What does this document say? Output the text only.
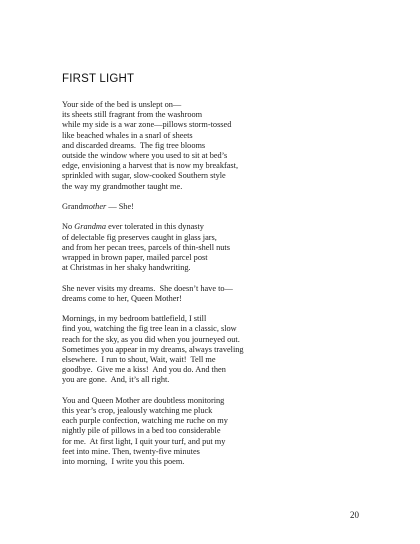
FIRST LIGHT
Your side of the bed is unslept on—
its sheets still fragrant from the washroom
while my side is a war zone—pillows storm-tossed
like beached whales in a snarl of sheets
and discarded dreams.  The fig tree blooms
outside the window where you used to sit at bed’s
edge, envisioning a harvest that is now my breakfast,
sprinkled with sugar, slow-cooked Southern style
the way my grandmother taught me.
Grandmother — She!
No Grandma ever tolerated in this dynasty
of delectable fig preserves caught in glass jars,
and from her pecan trees, parcels of thin-shell nuts
wrapped in brown paper, mailed parcel post
at Christmas in her shaky handwriting.
She never visits my dreams.  She doesn’t have to—
dreams come to her, Queen Mother!
Mornings, in my bedroom battlefield, I still
find you, watching the fig tree lean in a classic, slow
reach for the sky, as you did when you journeyed out.
Sometimes you appear in my dreams, always traveling
elsewhere.  I run to shout, Wait, wait!  Tell me
goodbye.  Give me a kiss!  And you do. And then
you are gone.  And, it’s all right.
You and Queen Mother are doubtless monitoring
this year’s crop, jealously watching me pluck
each purple confection, watching me ruche on my
nightly pile of pillows in a bed too considerable
for me.  At first light, I quit your turf, and put my
feet into mine. Then, twenty-five minutes
into morning,  I write you this poem.
20
